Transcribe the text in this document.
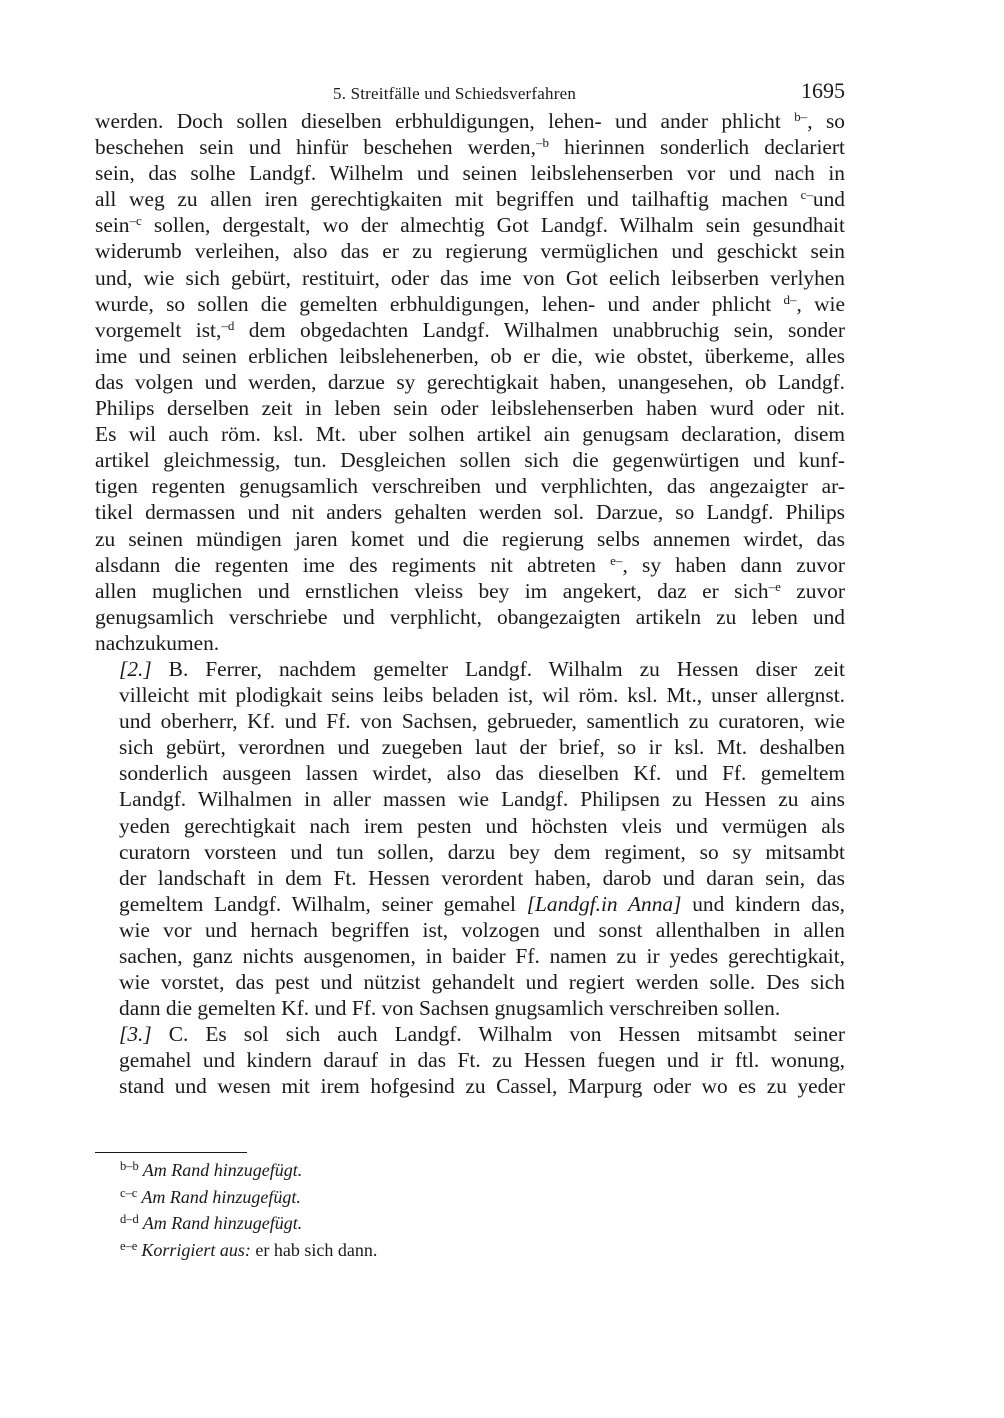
5. Streitfälle und Schiedsverfahren	1695

werden. Doch sollen dieselben erbhuldigungen, lehen- und ander phlicht $^{b-}$, so
beschehen sein und hinfür beschehen werden,$^{-b}$ hierinnen sonderlich declariert
sein, das solhe Landgf. Wilhelm und seinen leibslehenserben vor und nach in
all weg zu allen iren gerechtigkaiten mit begriffen und tailhaftig machen $^{c-}$und
sein$^{-c}$ sollen, dergestalt, wo der almechtig Got Landgf. Wilhalm sein gesundhait
widerumb verleihen, also das er zu regierung vermüglichen und geschickt sein
und, wie sich gebürt, restituirt, oder das ime von Got eelich leibserben verlyhen
wurde, so sollen die gemelten erbhuldigungen, lehen- und ander phlicht $^{d-}$, wie
vorgemelt ist,$^{-d}$ dem obgedachten Landgf. Wilhalmen unabbruchig sein, sonder
ime und seinen erblichen leibslehenerben, ob er die, wie obstet, überkeme, alles
das volgen und werden, darzue sy gerechtigkait haben, unangesehen, ob Landgf.
Philips derselben zeit in leben sein oder leibslehenserben haben wurd oder nit.
Es wil auch röm. ksl. Mt. uber solhen artikel ain genugsam declaration, disem
artikel gleichmessig, tun. Desgleichen sollen sich die gegenwürtigen und kunf-
tigen regenten genugsamlich verschreiben und verphlichten, das angezaigter ar-
tikel dermassen und nit anders gehalten werden sol. Darzue, so Landgf. Philips
zu seinen mündigen jaren komet und die regierung selbs annemen wirdet, das
alsdann die regenten ime des regiments nit abtreten $^{e-}$, sy haben dann zuvor
allen muglichen und ernstlichen vleiss bey im angekert, daz er sich$^{-e}$ zuvor
genugsamlich verschriebe und verphlicht, obangezaigten artikeln zu leben und
nachzukumen.

[2.] B. Ferrer, nachdem gemelter Landgf. Wilhalm zu Hessen diser zeit
villeicht mit plodigkait seins leibs beladen ist, wil röm. ksl. Mt., unser allergnst.
und oberherr, Kf. und Ff. von Sachsen, gebrueder, samentlich zu curatoren, wie
sich gebürt, verordnen und zuegeben laut der brief, so ir ksl. Mt. deshalben
sonderlich ausgeen lassen wirdet, also das dieselben Kf. und Ff. gemeltem
Landgf. Wilhalmen in aller massen wie Landgf. Philipsen zu Hessen zu ains
yeden gerechtigkait nach irem pesten und höchsten vleis und vermügen als
curatorn vorsteen und tun sollen, darzu bey dem regiment, so sy mitsambt
der landschaft in dem Ft. Hessen verordent haben, darob und daran sein, das
gemeltem Landgf. Wilhalm, seiner gemahel [Landgf.in Anna] und kindern das,
wie vor und hernach begriffen ist, volzogen und sonst allenthalben in allen
sachen, ganz nichts ausgenomen, in baider Ff. namen zu ir yedes gerechtigkait,
wie vorstet, das pest und nützist gehandelt und regiert werden solle. Des sich
dann die gemelten Kf. und Ff. von Sachsen gnugsamlich verschreiben sollen.

[3.] C. Es sol sich auch Landgf. Wilhalm von Hessen mitsambt seiner
gemahel und kindern darauf in das Ft. zu Hessen fuegen und ir ftl. wonung,
stand und wesen mit irem hofgesind zu Cassel, Marpurg oder wo es zu yeder

$^{b-b}$ Am Rand hinzugefügt.
$^{c-c}$ Am Rand hinzugefügt.
$^{d-d}$ Am Rand hinzugefügt.
$^{e-e}$ Korrigiert aus: er hab sich dann.
